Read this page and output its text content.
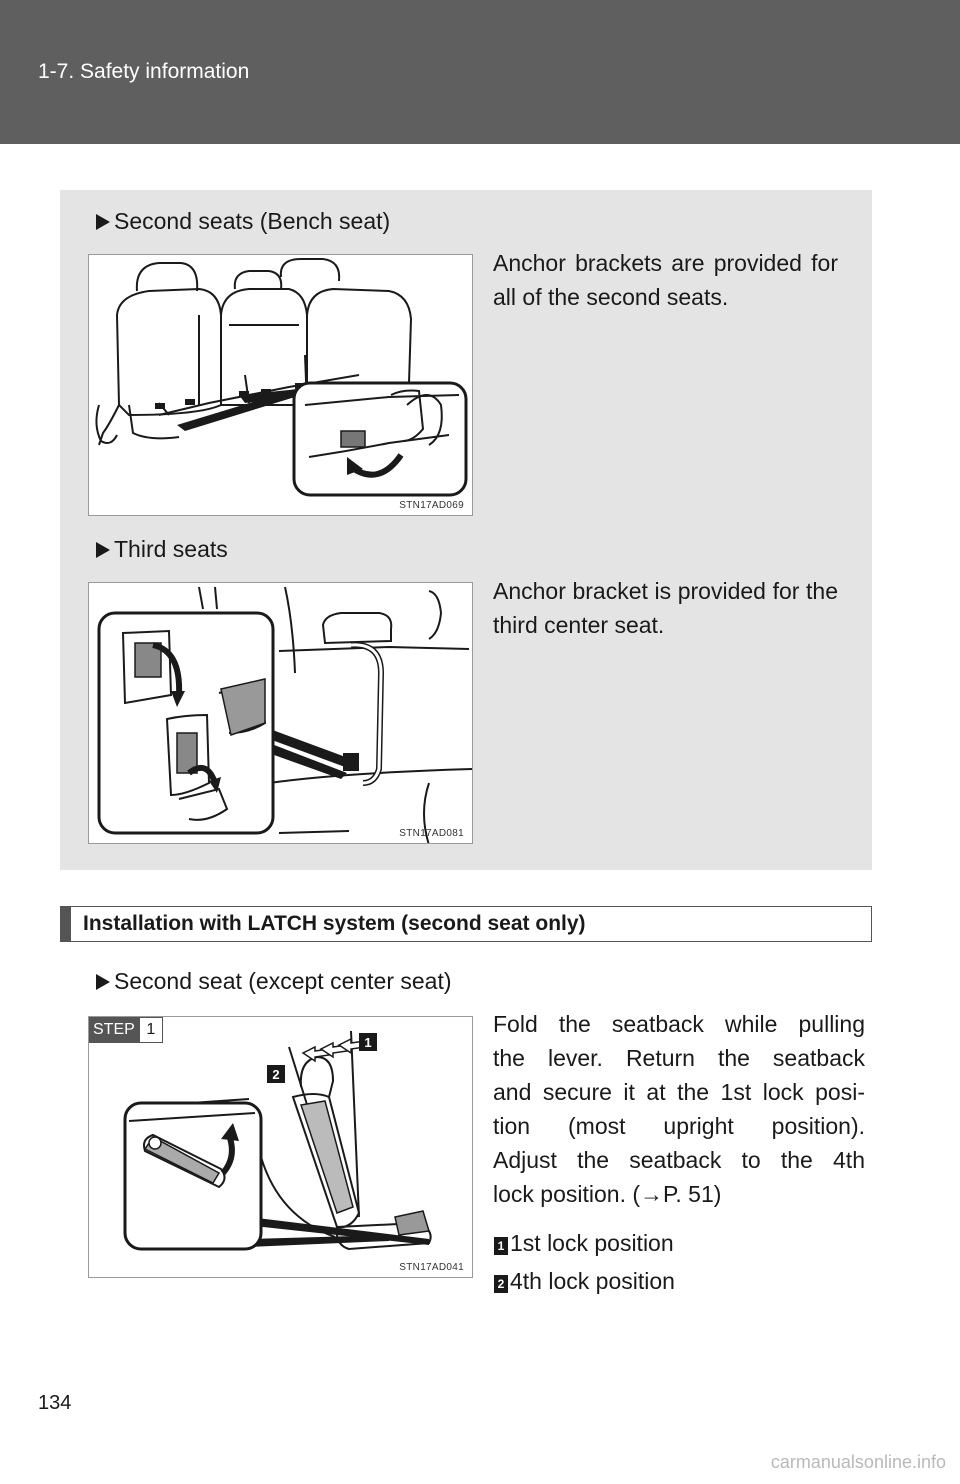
1-7. Safety information
Second seats (Bench seat)
Anchor brackets are provided for all of the second seats.
STN17AD069
Third seats
Anchor bracket is provided for the third center seat.
STN17AD081
Installation with LATCH system (second seat only)
Second seat (except center seat)
STEP 1
1
2
STN17AD041
Fold the seatback while pulling
the lever. Return the seatback
and secure it at the 1st lock posi-
tion (most upright position).
Adjust the seatback to the 4th
lock position. (→P. 51)
1 1st lock position
2 4th lock position
134
carmanualsonline.info
